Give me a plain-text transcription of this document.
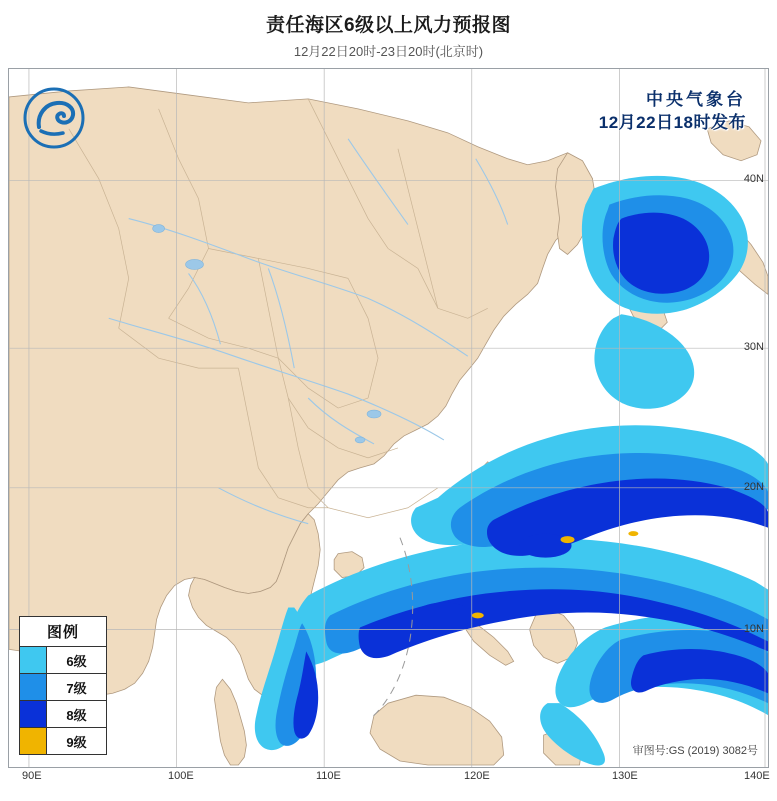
责任海区6级以上风力预报图
12月22日20时-23日20时(北京时)
中央气象台
12月22日18时发布
图例
6级
7级
8级
9级
审图号:GS (2019) 3082号
40N
30N
20N
10N
90E	100E	110E	120E	130E	140E
